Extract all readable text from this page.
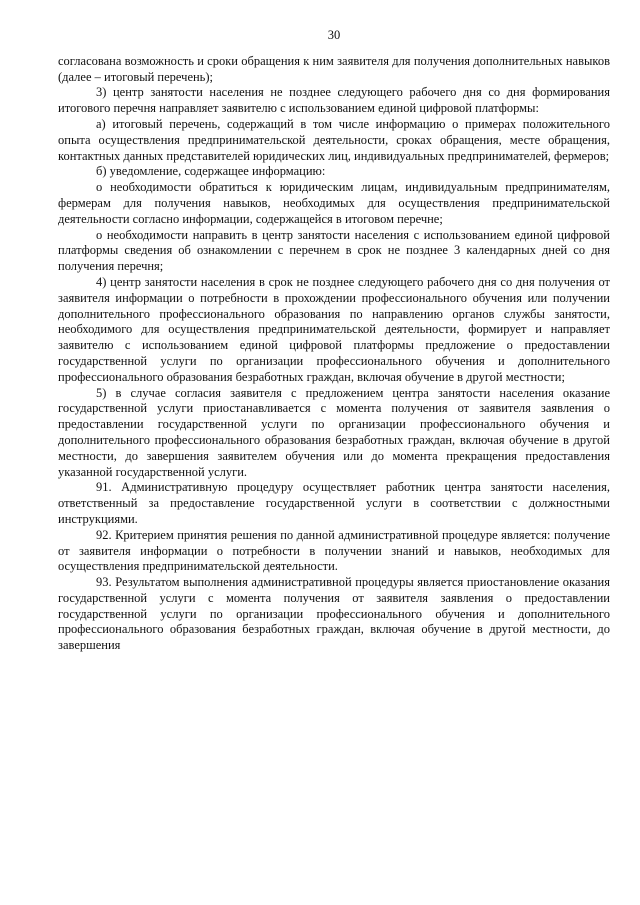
30

согласована возможность и сроки обращения к ним заявителя для получения дополнительных навыков (далее – итоговый перечень);

3) центр занятости населения не позднее следующего рабочего дня со дня формирования итогового перечня направляет заявителю с использованием единой цифровой платформы:

а) итоговый перечень, содержащий в том числе информацию о примерах положительного опыта осуществления предпринимательской деятельности, сроках обращения, месте обращения, контактных данных представителей юридических лиц, индивидуальных предпринимателей, фермеров;

б) уведомление, содержащее информацию:

о необходимости обратиться к юридическим лицам, индивидуальным предпринимателям, фермерам для получения навыков, необходимых для осуществления предпринимательской деятельности согласно информации, содержащейся в итоговом перечне;

о необходимости направить в центр занятости населения с использованием единой цифровой платформы сведения об ознакомлении с перечнем в срок не позднее 3 календарных дней со дня получения перечня;

4) центр занятости населения в срок не позднее следующего рабочего дня со дня получения от заявителя информации о потребности в прохождении профессионального обучения или получении дополнительного профессионального образования по направлению органов службы занятости, необходимого для осуществления предпринимательской деятельности, формирует и направляет заявителю с использованием единой цифровой платформы предложение о предоставлении государственной услуги по организации профессионального обучения и дополнительного профессионального образования безработных граждан, включая обучение в другой местности;

5) в случае согласия заявителя с предложением центра занятости населения оказание государственной услуги приостанавливается с момента получения от заявителя заявления о предоставлении государственной услуги по организации профессионального обучения и дополнительного профессионального образования безработных граждан, включая обучение в другой местности, до завершения заявителем обучения или до момента прекращения предоставления указанной государственной услуги.

91. Административную процедуру осуществляет работник центра занятости населения, ответственный за предоставление государственной услуги в соответствии с должностными инструкциями.

92. Критерием принятия решения по данной административной процедуре является: получение от заявителя информации о потребности в получении знаний и навыков, необходимых для осуществления предпринимательской деятельности.

93. Результатом выполнения административной процедуры является приостановление оказания государственной услуги с момента получения от заявителя заявления о предоставлении государственной услуги по организации профессионального обучения и дополнительного профессионального образования безработных граждан, включая обучение в другой местности, до завершения
